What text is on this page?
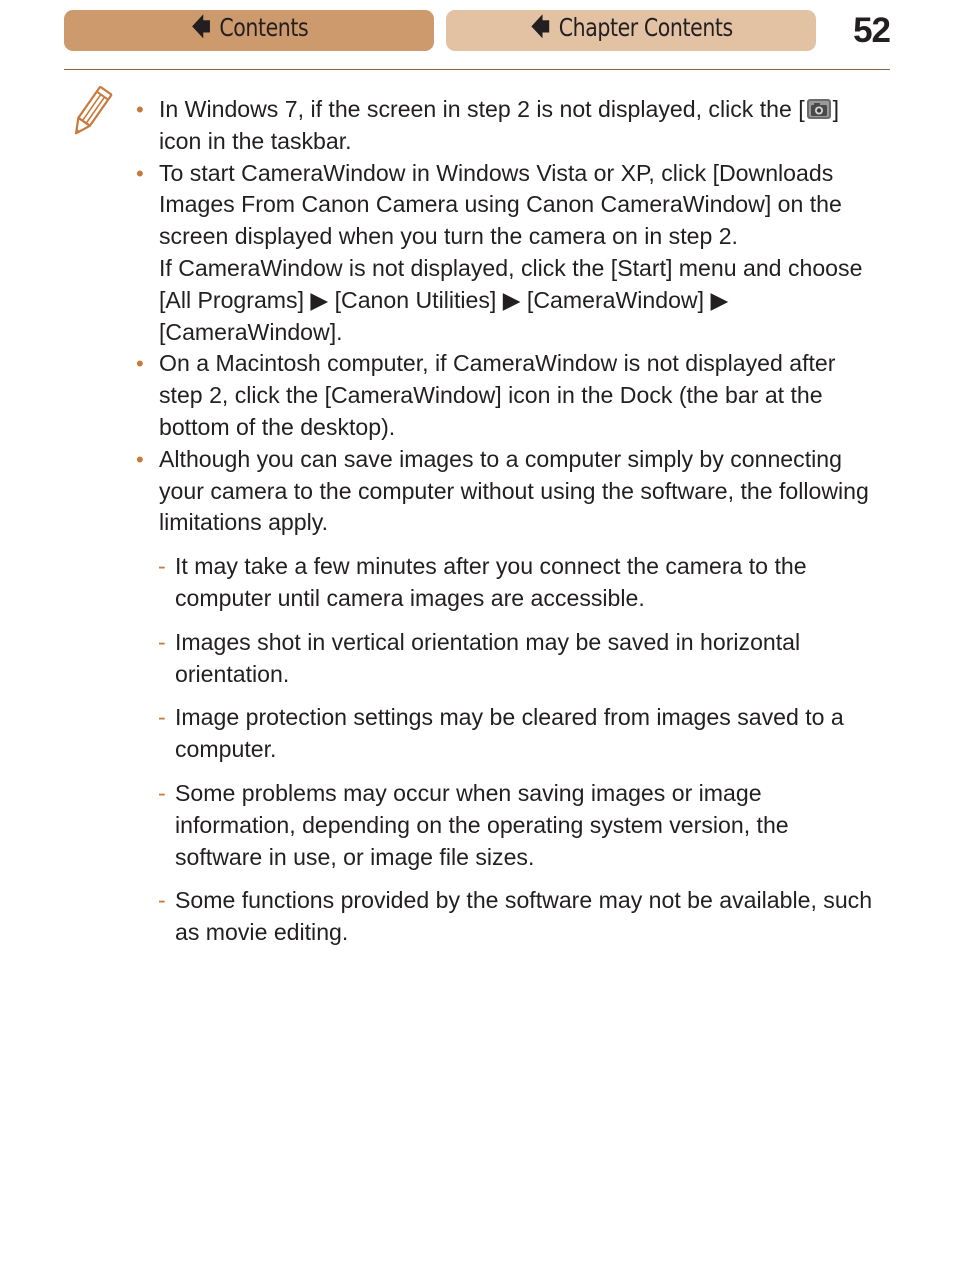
🡄 Contents	🡄 Chapter Contents	52
• In Windows 7, if the screen in step 2 is not displayed, click the [ ] icon in the taskbar.
• To start CameraWindow in Windows Vista or XP, click [Downloads Images From Canon Camera using Canon CameraWindow] on the screen displayed when you turn the camera on in step 2.
If CameraWindow is not displayed, click the [Start] menu and choose [All Programs] ▶ [Canon Utilities] ▶ [CameraWindow] ▶ [CameraWindow].
• On a Macintosh computer, if CameraWindow is not displayed after step 2, click the [CameraWindow] icon in the Dock (the bar at the bottom of the desktop).
• Although you can save images to a computer simply by connecting your camera to the computer without using the software, the following limitations apply.
- It may take a few minutes after you connect the camera to the computer until camera images are accessible.
- Images shot in vertical orientation may be saved in horizontal orientation.
- Image protection settings may be cleared from images saved to a computer.
- Some problems may occur when saving images or image information, depending on the operating system version, the software in use, or image file sizes.
- Some functions provided by the software may not be available, such as movie editing.
